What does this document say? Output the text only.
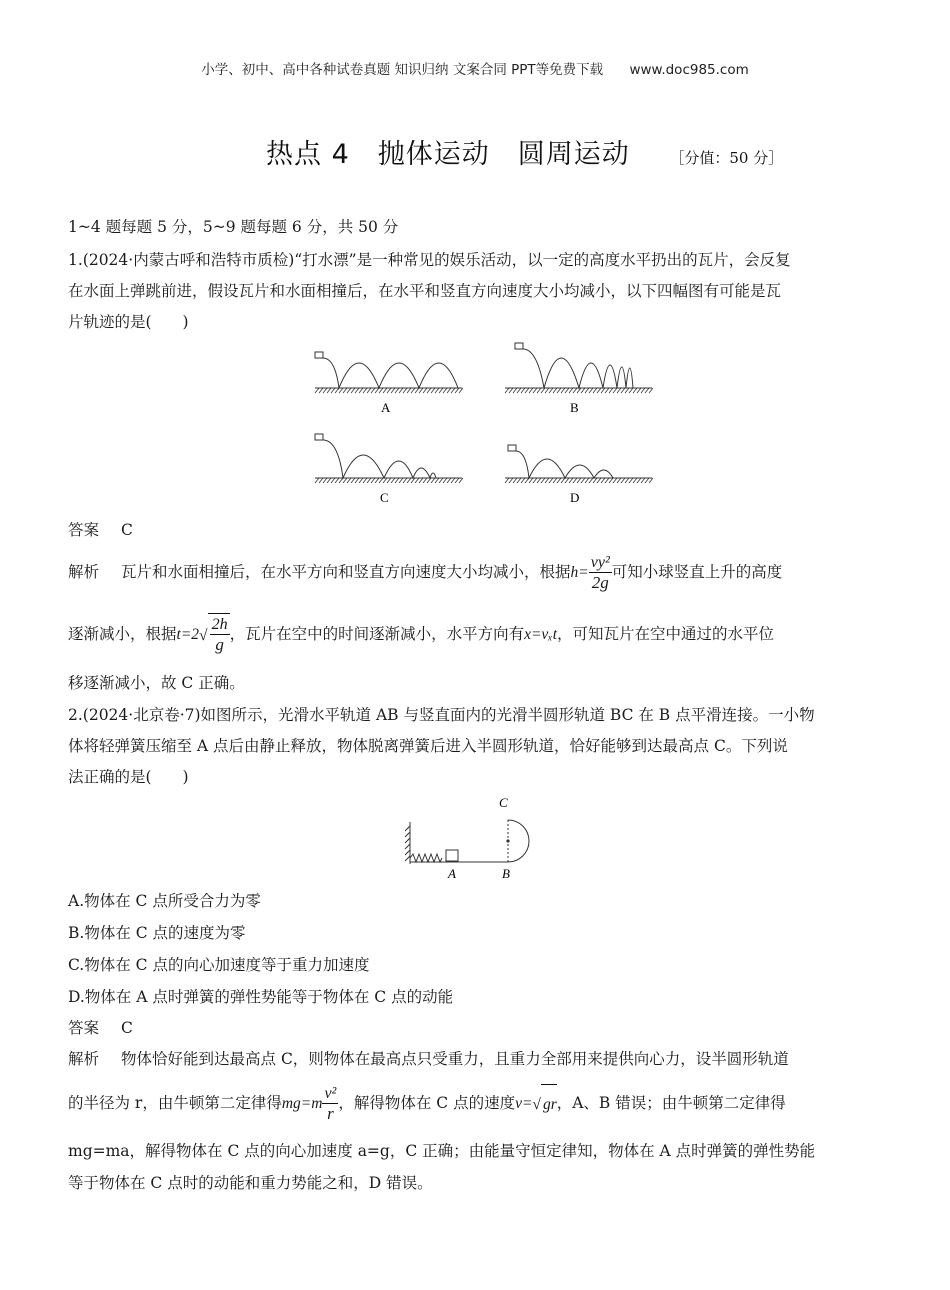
小学、初中、高中各种试卷真题 知识归纳 文案合同 PPT等免费下载 www.doc985.com
热点 4　抛体运动　圆周运动	［分值：50 分］
1~4 题每题 5 分，5~9 题每题 6 分，共 50 分
1.(2024·内蒙古呼和浩特市质检)“打水漂”是一种常见的娱乐活动，以一定的高度水平扔出的瓦片，会反复
在水面上弹跳前进，假设瓦片和水面相撞后，在水平和竖直方向速度大小均减小，以下四幅图有可能是瓦
片轨迹的是(　　)
A	B
C	D
答案 C
解析 瓦片和水面相撞后，在水平方向和竖直方向速度大小均减小，根据$h= \frac{\text{vy²}}{2g}$ 可知小球竖直上升的高度
逐渐减小，根据$t=2√ \frac{2h}{g}$ ，瓦片在空中的时间逐渐减小，水平方向有x=vₓt，可知瓦片在空中通过的水平位
移逐渐减小，故 C 正确。
2.(2024·北京卷·7)如图所示，光滑水平轨道 AB 与竖直面内的光滑半圆形轨道 BC 在 B 点平滑连接。一小物
体将轻弹簧压缩至 A 点后由静止释放，物体脱离弹簧后进入半圆形轨道，恰好能够到达最高点 C。下列说
法正确的是(　　)
C
A	B
A.物体在 C 点所受合力为零
B.物体在 C 点的速度为零
C.物体在 C 点的向心加速度等于重力加速度
D.物体在 A 点时弹簧的弹性势能等于物体在 C 点的动能
答案 C
解析 物体恰好能到达最高点 C，则物体在最高点只受重力，且重力全部用来提供向心力，设半圆形轨道
的半径为 r，由牛顿第二定律得$mg=m \frac{\text{v²}}{r}$ ，解得物体在 C 点的速度v=√ gr，A、B 错误；由牛顿第二定律得
mg=ma，解得物体在 C 点的向心加速度 a=g，C 正确；由能量守恒定律知，物体在 A 点时弹簧的弹性势能
等于物体在 C 点时的动能和重力势能之和，D 错误。
